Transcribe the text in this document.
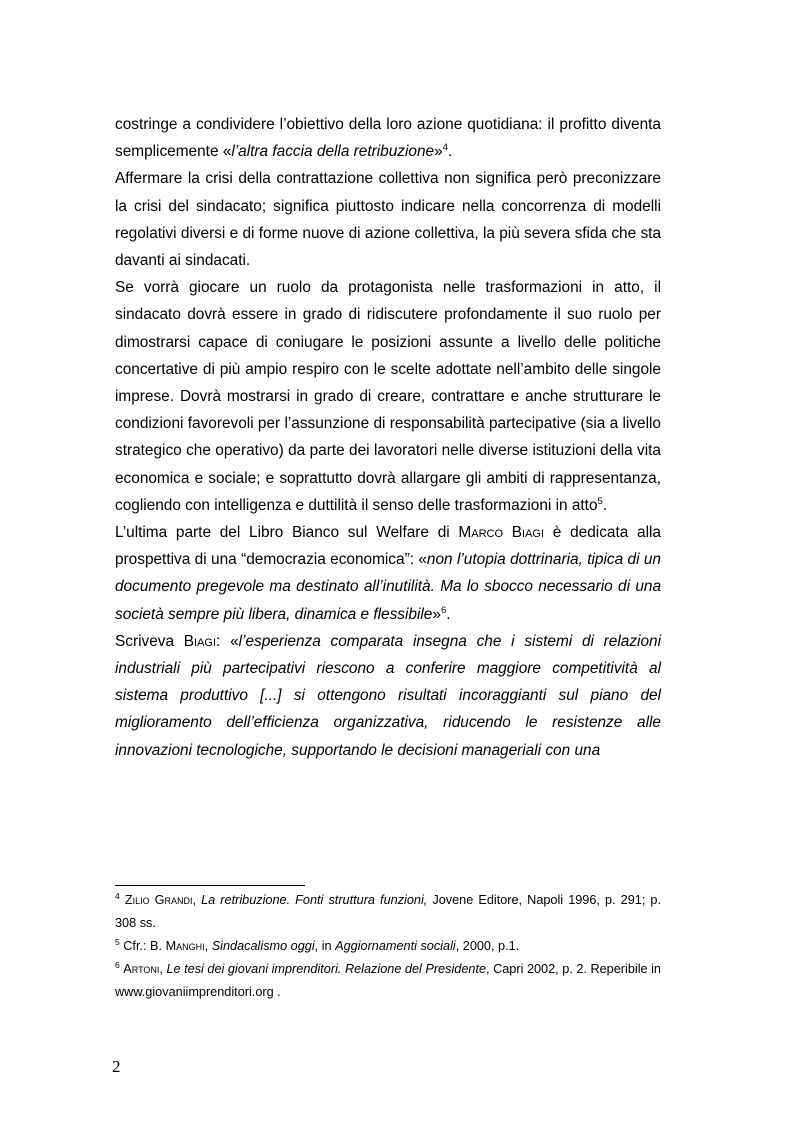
costringe a condividere l’obiettivo della loro azione quotidiana: il profitto diventa semplicemente «l’altra faccia della retribuzione»$^4$.

Affermare la crisi della contrattazione collettiva non significa però preconizzare la crisi del sindacato; significa piuttosto indicare nella concorrenza di modelli regolativi diversi e di forme nuove di azione collettiva, la più severa sfida che sta davanti ai sindacati.

Se vorrà giocare un ruolo da protagonista nelle trasformazioni in atto, il sindacato dovrà essere in grado di ridiscutere profondamente il suo ruolo per dimostrarsi capace di coniugare le posizioni assunte a livello delle politiche concertative di più ampio respiro con le scelte adottate nell’ambito delle singole imprese. Dovrà mostrarsi in grado di creare, contrattare e anche strutturare le condizioni favorevoli per l’assunzione di responsabilità partecipative (sia a livello strategico che operativo) da parte dei lavoratori nelle diverse istituzioni della vita economica e sociale; e soprattutto dovrà allargare gli ambiti di rappresentanza, cogliendo con intelligenza e duttilità il senso delle trasformazioni in atto$^5$.

L’ultima parte del Libro Bianco sul Welfare di Marco Biagi è dedicata alla prospettiva di una “democrazia economica”: «non l’utopia dottrinaria, tipica di un documento pregevole ma destinato all’inutilità. Ma lo sbocco necessario di una società sempre più libera, dinamica e flessibile»$^6$.

Scriveva Biagi: «l’esperienza comparata insegna che i sistemi di relazioni industriali più partecipativi riescono a conferire maggiore competitività al sistema produttivo [...] si ottengono risultati incoraggianti sul piano del miglioramento dell’efficienza organizzativa, riducendo le resistenze alle innovazioni tecnologiche, supportando le decisioni manageriali con una

$^4$ Zilio Grandi, La retribuzione. Fonti struttura funzioni, Jovene Editore, Napoli 1996, p. 291; p. 308 ss.

$^5$ Cfr.: B. Manghi, Sindacalismo oggi, in Aggiornamenti sociali, 2000, p.1.

$^6$ Artoni, Le tesi dei giovani imprenditori. Relazione del Presidente, Capri 2002, p. 2. Reperibile in www.giovaniimprenditori.org .

2
